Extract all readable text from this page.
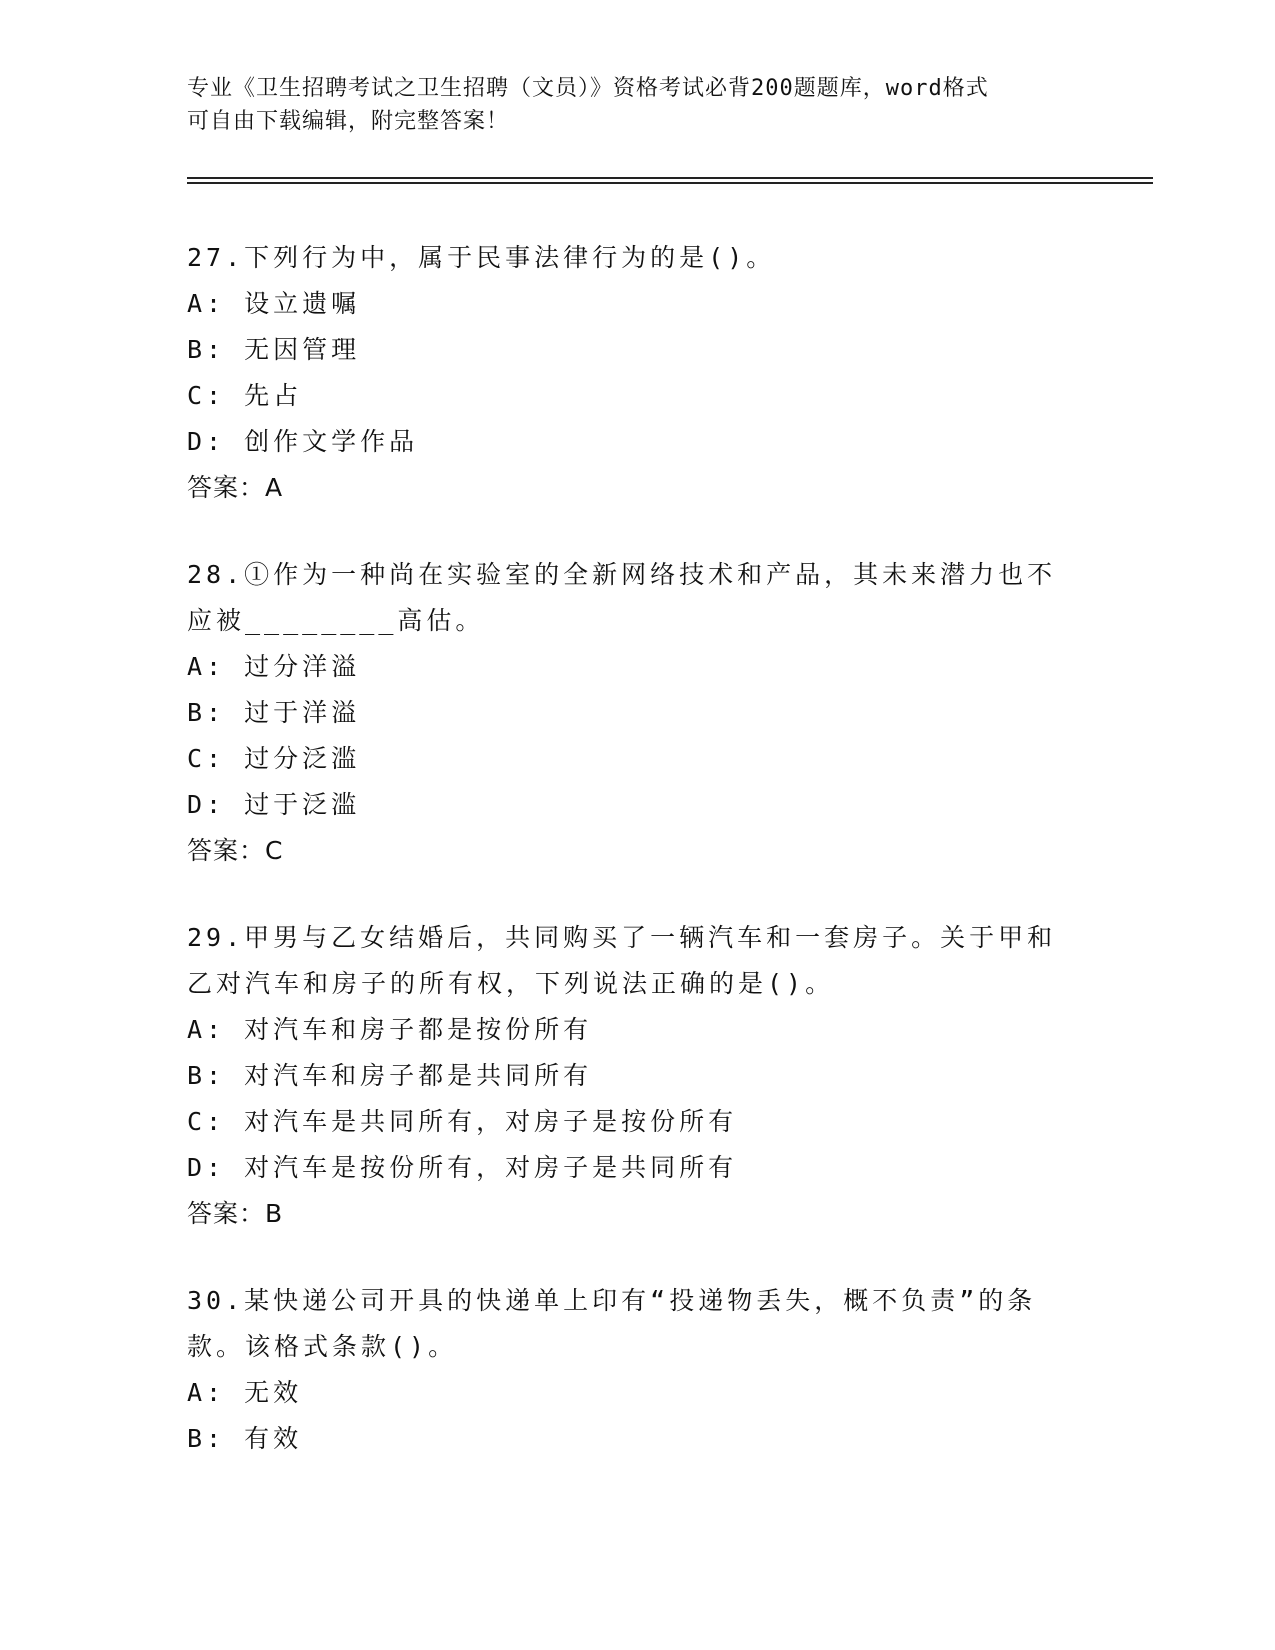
专业《卫生招聘考试之卫生招聘（文员）》资格考试必背200题题库，word格式
可自由下载编辑，附完整答案！
27.下列行为中，属于民事法律行为的是()。
A: 设立遗嘱
B: 无因管理
C: 先占
D: 创作文学作品
答案：A
28.①作为一种尚在实验室的全新网络技术和产品，其未来潜力也不应被________高估。
A: 过分洋溢
B: 过于洋溢
C: 过分泛滥
D: 过于泛滥
答案：C
29.甲男与乙女结婚后，共同购买了一辆汽车和一套房子。关于甲和乙对汽车和房子的所有权，下列说法正确的是()。
A: 对汽车和房子都是按份所有
B: 对汽车和房子都是共同所有
C: 对汽车是共同所有，对房子是按份所有
D: 对汽车是按份所有，对房子是共同所有
答案：B
30.某快递公司开具的快递单上印有“投递物丢失，概不负责”的条款。该格式条款()。
A: 无效
B: 有效
